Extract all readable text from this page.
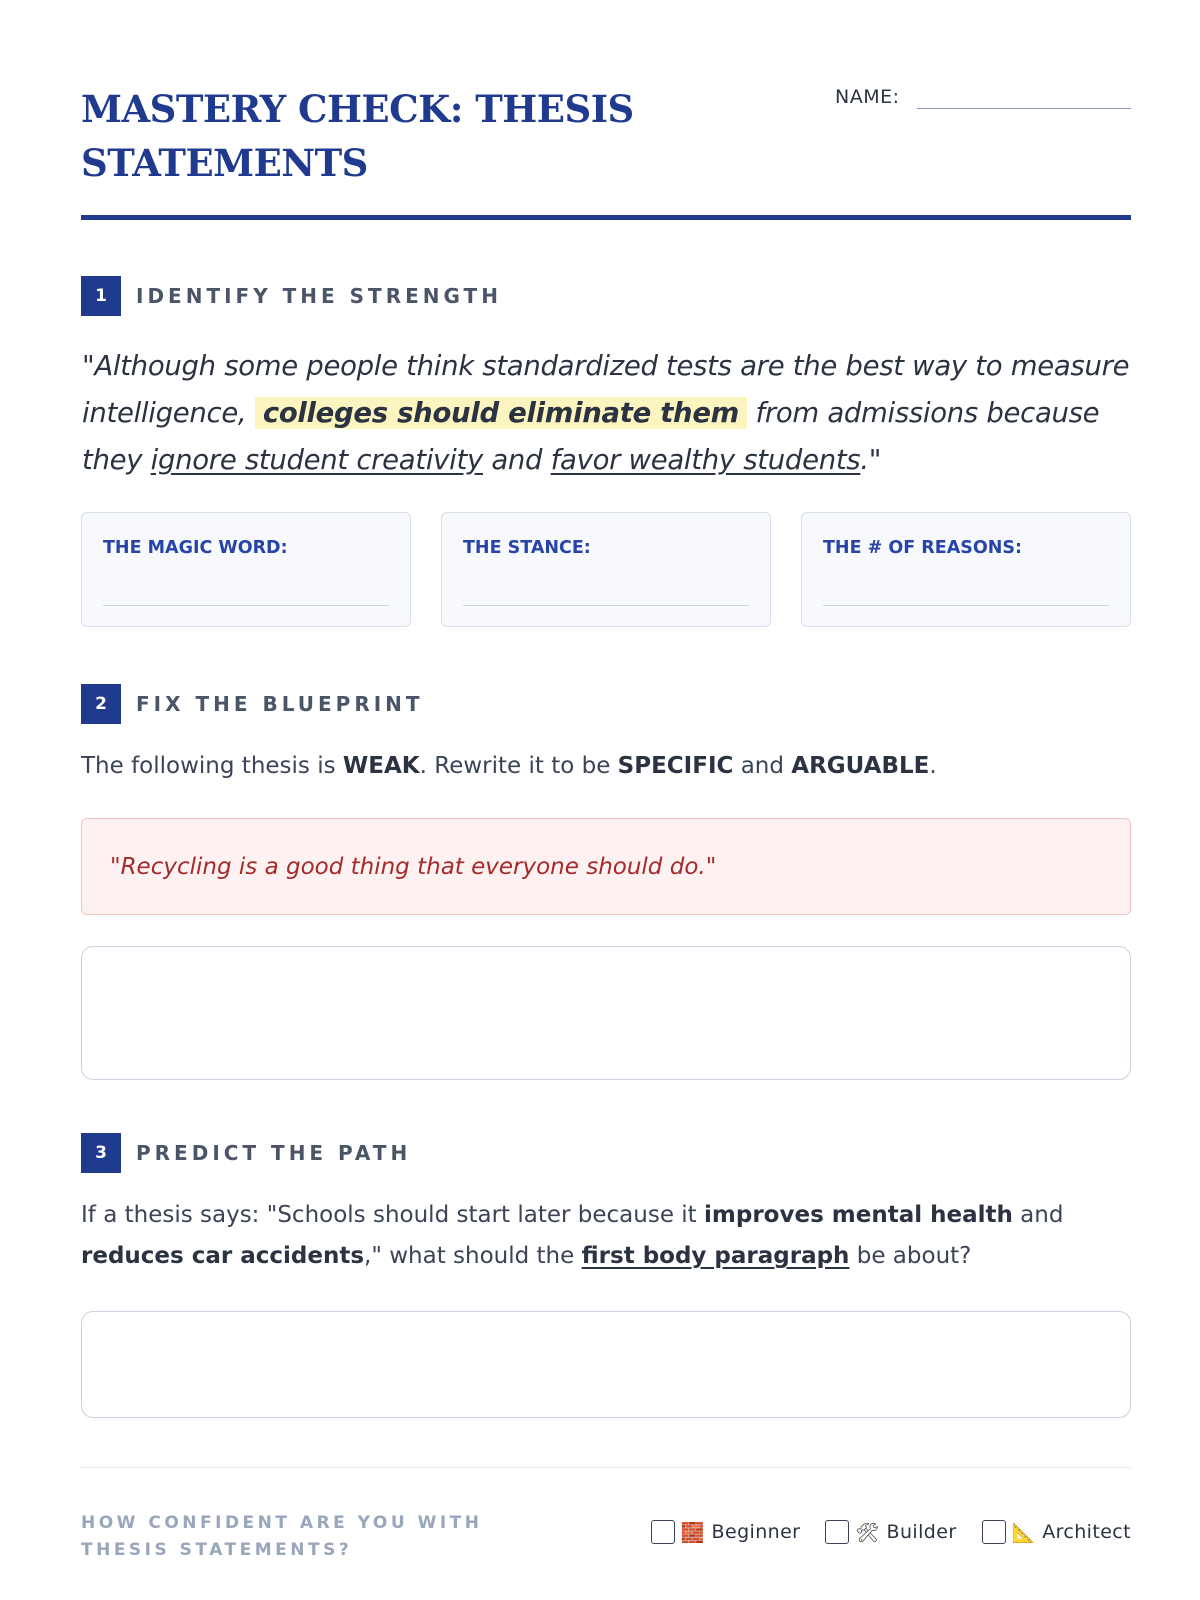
MASTERY CHECK: THESIS STATEMENTS
NAME:
1	IDENTIFY THE STRENGTH

"Although some people think standardized tests are the best way to measure intelligence, colleges should eliminate them from admissions because they ignore student creativity and favor wealthy students."

THE MAGIC WORD:	THE STANCE:	THE # OF REASONS:
2	FIX THE BLUEPRINT
The following thesis is WEAK. Rewrite it to be SPECIFIC and ARGUABLE.
"Recycling is a good thing that everyone should do."
3	PREDICT THE PATH
If a thesis says: "Schools should start later because it improves mental health and reduces car accidents," what should the first body paragraph be about?
HOW CONFIDENT ARE YOU WITH THESIS STATEMENTS?
🧱 Beginner	🛠 Builder	📐 Architect
